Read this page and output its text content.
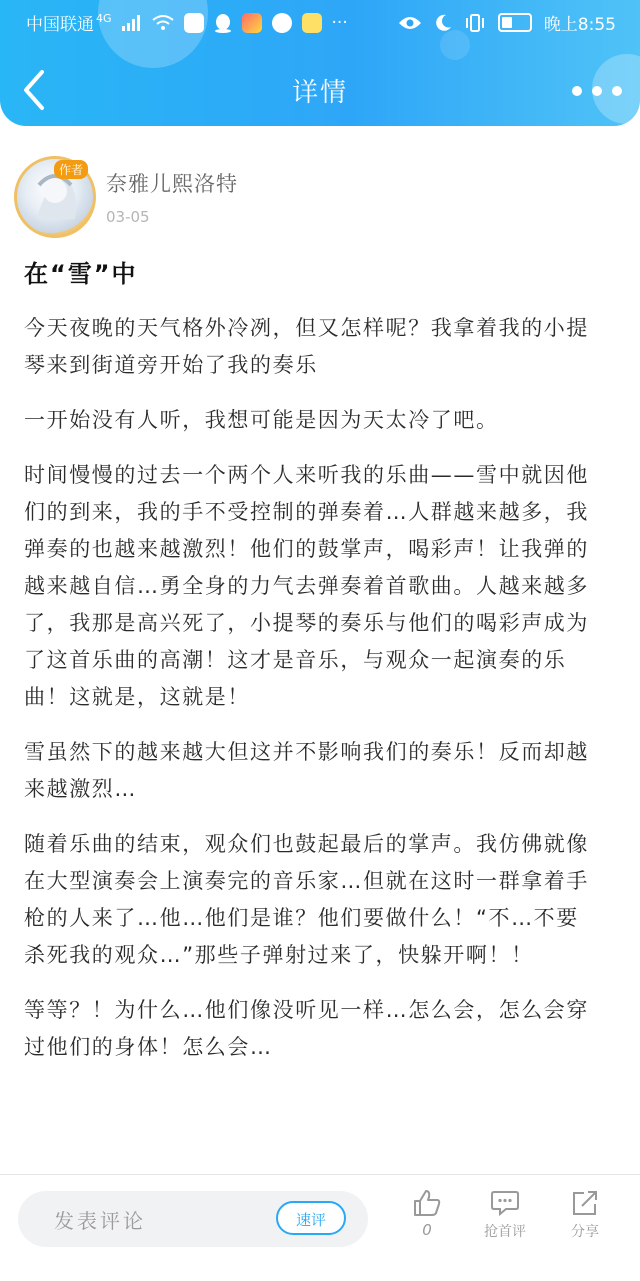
中国联通 4G	···	晚上8:55
详情
作者
奈雅儿熙洛特
03-05
在“雪”中

今天夜晚的天气格外冷冽，但又怎样呢？我拿着我的小提琴来到街道旁开始了我的奏乐

一开始没有人听，我想可能是因为天太冷了吧。

时间慢慢的过去一个两个人来听我的乐曲——雪中就因他们的到来，我的手不受控制的弹奏着…人群越来越多，我弹奏的也越来越激烈！他们的鼓掌声，喝彩声！让我弹的越来越自信…勇全身的力气去弹奏着首歌曲。人越来越多了，我那是高兴死了，小提琴的奏乐与他们的喝彩声成为了这首乐曲的高潮！这才是音乐，与观众一起演奏的乐曲！这就是，这就是！

雪虽然下的越来越大但这并不影响我们的奏乐！反而却越来越激烈…

随着乐曲的结束，观众们也鼓起最后的掌声。我仿佛就像在大型演奏会上演奏完的音乐家…但就在这时一群拿着手枪的人来了…他…他们是谁？他们要做什么！“不…不要杀死我的观众…”那些子弹射过来了，快躲开啊！！

等等？！为什么…他们像没听见一样…怎么会，怎么会穿过他们的身体！怎么会…

发表评论	速评
0	抢首评	分享
